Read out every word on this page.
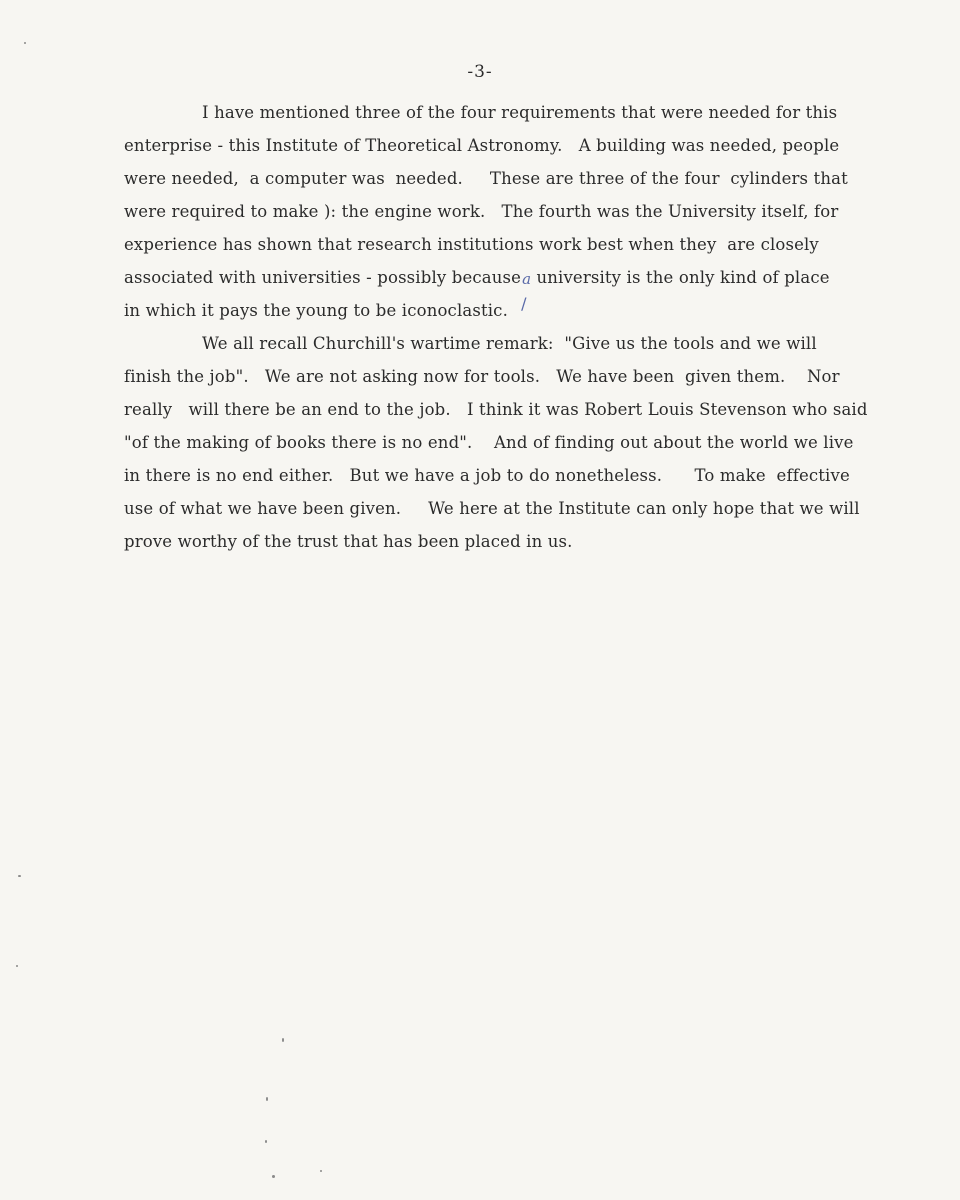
-3-
I have mentioned three of the four requirements that were needed for this
enterprise - this Institute of Theoretical Astronomy.   A building was needed, people
were needed,  a computer was  needed.     These are three of the four  cylinders that
were required to make ): the engine work.   The fourth was the University itself, for
experience has shown that research institutions work best when they  are closely
associated with universities - possibly because a
/
university is the only kind of place
in which it pays the young to be iconoclastic.
We all recall Churchill's wartime remark:  "Give us the tools and we will
finish the job".   We are not asking now for tools.   We have been  given them.    Nor
really   will there be an end to the job.   I think it was Robert Louis Stevenson who said
"of the making of books there is no end".    And of finding out about the world we live
in there is no end either.   But we have a job to do nonetheless.      To make  effective
use of what we have been given.     We here at the Institute can only hope that we will
prove worthy of the trust that has been placed in us.
